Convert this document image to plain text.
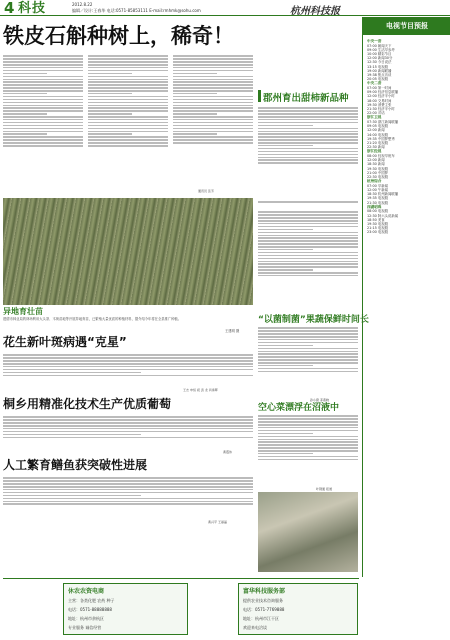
4 科技	2012.8.22
编辑／设计:王春华 电话:0571-85853111 E-mail:rmhmk@sohu.com	杭州科技报
电视节目预报
中央一套
07:00 朝闻天下
09:00 生活早参考
10:00 精彩节目
12:00 新闻30分
12:30 今日说法
13:15 电视剧
19:00 新闻联播
19:38 焦点访谈
20:05 电视剧
中央二套
07:00 第一时间
09:00 经济信息联播
12:00 经济半小时
18:00 交易时间
19:30 消费主张
21:30 经济半小时
22:00 对话
浙江卫视
07:30 浙江新闻联播
09:05 电视剧
12:00 新闻
14:00 电视剧
19:35 中国梦想秀
21:20 电视剧
22:30 新闻
浙江经视
08:00 经视早班车
12:00 新闻
18:30 新闻
19:30 电视剧
21:00 中国梦
22:30 电视剧
杭州综合
07:00 早新闻
12:00 午新闻
18:30 杭州新闻联播
19:35 电视剧
21:30 电视剧
西湖明珠
08:00 电视剧
12:30 阿六头说新闻
18:50 美食
19:30 电视剧
21:15 电视剧
23:00 电视剧
铁皮石斛种树上，稀奇！
通讯员 张芳
郡州育出甜柿新品种
异地育壮苗
建德市林业局的林场利用大头茶、木荷苗地等开展异地育苗，已繁殖大量优质的种植材料，据介绍今年将在全县推广种植。
王建明 摄
“以菌制菌”果蔬保鲜时间长
孙小蔚 茅燕晓
空心菜漂浮在沼液中
叶钢通 报道
花生新叶斑病遇“克星”
王志 申恒 祝 袁 龙 肖承辉
桐乡用精准化技术生产优质葡萄
黄震伟
人工繁育鳝鱼获突破性进展
黄兴平 王丽晶
休农农资电商
主营：各类化肥 农药 种子
电话：0571-88888888
地址：杭州市余杭区
专业服务 诚信经营
富华科技服务部
提供农业技术咨询服务
电话：0571-7769888
地址：杭州市江干区
欢迎来电洽谈
